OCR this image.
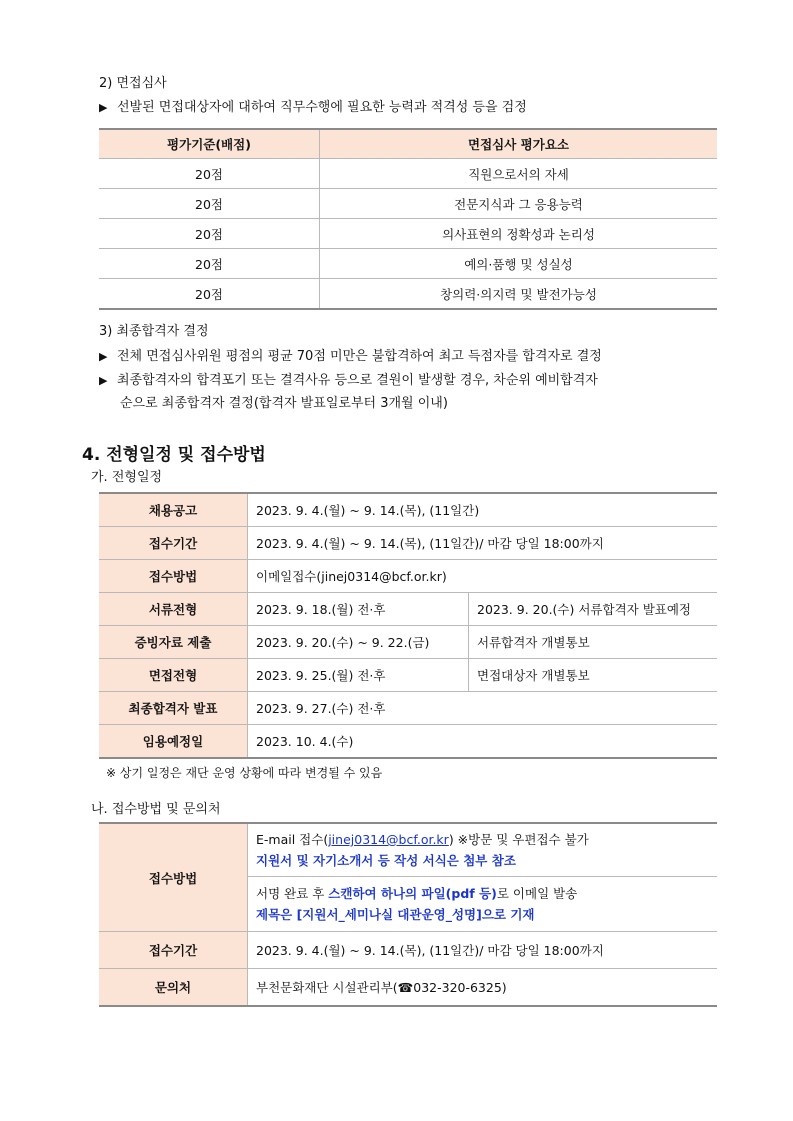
2) 면접심사
▶ 선발된 면접대상자에 대하여 직무수행에 필요한 능력과 적격성 등을 검정
평가기준(배점)	면접심사 평가요소
20점	직원으로서의 자세
20점	전문지식과 그 응용능력
20점	의사표현의 정확성과 논리성
20점	예의·품행 및 성실성
20점	창의력·의지력 및 발전가능성
3) 최종합격자 결정
▶ 전체 면접심사위원 평점의 평균 70점 미만은 불합격하여 최고 득점자를 합격자로 결정
▶ 최종합격자의 합격포기 또는 결격사유 등으로 결원이 발생할 경우, 차순위 예비합격자
순으로 최종합격자 결정(합격자 발표일로부터 3개월 이내)
4. 전형일정 및 접수방법
가. 전형일정
채용공고	2023. 9. 4.(월) ~ 9. 14.(목), (11일간)	
접수기간	2023. 9. 4.(월) ~ 9. 14.(목), (11일간)/ 마감 당일 18:00까지	
접수방법	이메일접수(jinej0314@bcf.or.kr)	
서류전형	2023. 9. 18.(월) 전·후	2023. 9. 20.(수) 서류합격자 발표예정
증빙자료 제출	2023. 9. 20.(수) ~ 9. 22.(금)	서류합격자 개별통보
면접전형	2023. 9. 25.(월) 전·후	면접대상자 개별통보
최종합격자 발표	2023. 9. 27.(수) 전·후	
임용예정일	2023. 10. 4.(수)	
※ 상기 일정은 재단 운영 상황에 따라 변경될 수 있음
나. 접수방법 및 문의처
접수방법	E-mail 접수(jinej0314@bcf.or.kr) ※방문 및 우편접수 불가
지원서 및 자기소개서 등 작성 서식은 첨부 참조

	서명 완료 후 스캔하여 하나의 파일(pdf 등)로 이메일 발송
제목은 [지원서_세미나실 대관운영_성명]으로 기재

접수기간	2023. 9. 4.(월) ~ 9. 14.(목), (11일간)/ 마감 당일 18:00까지
문의처	부천문화재단 시설관리부(☎032-320-6325)
